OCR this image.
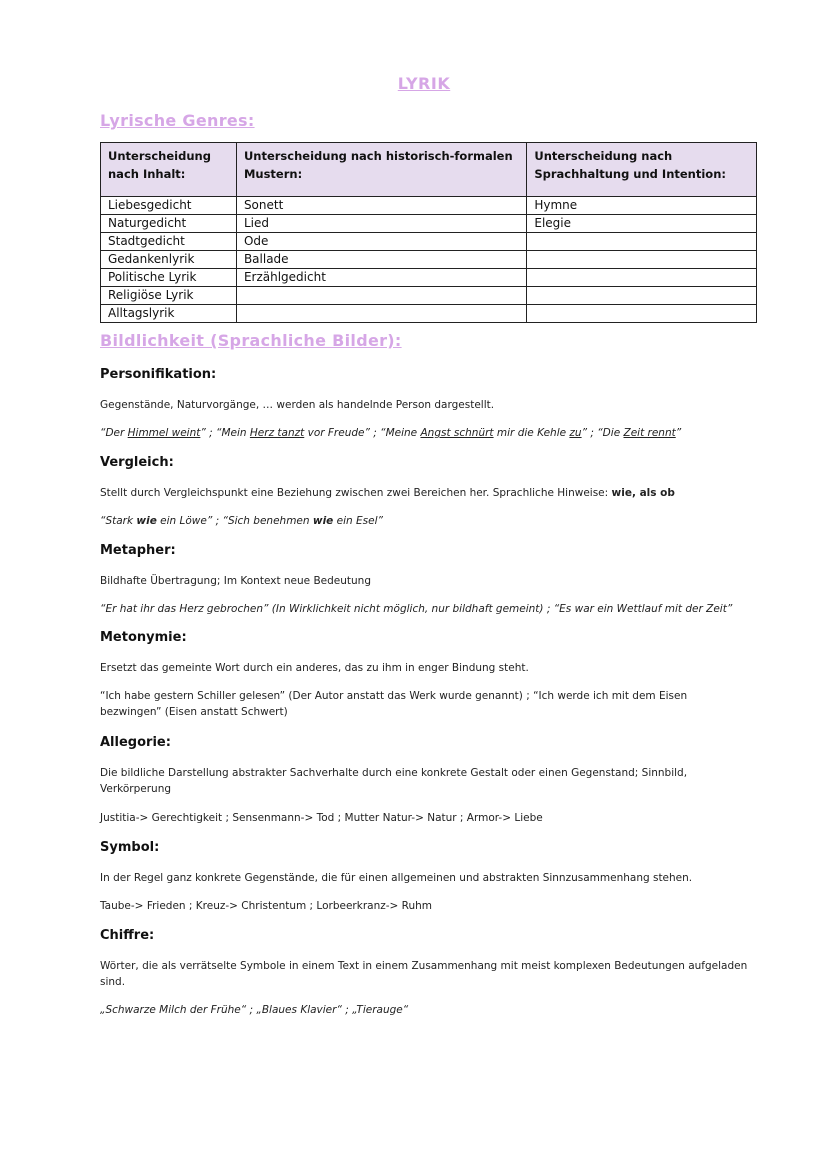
LYRIK
Lyrische Genres:
Unterscheidung nach Inhalt:	Unterscheidung nach historisch-formalen Mustern:	Unterscheidung nach Sprachhaltung und Intention:
Liebesgedicht	Sonett	Hymne
Naturgedicht	Lied	Elegie
Stadtgedicht	Ode	
Gedankenlyrik	Ballade	
Politische Lyrik	Erzählgedicht	
Religiöse Lyrik		
Alltagslyrik		
Bildlichkeit (Sprachliche Bilder):
Personifikation:
Gegenstände, Naturvorgänge, … werden als handelnde Person dargestellt.
“Der Himmel weint” ; “Mein Herz tanzt vor Freude” ; “Meine Angst schnürt mir die Kehle zu” ; “Die Zeit rennt”
Vergleich:
Stellt durch Vergleichspunkt eine Beziehung zwischen zwei Bereichen her. Sprachliche Hinweise: wie, als ob
“Stark wie ein Löwe” ; “Sich benehmen wie ein Esel”
Metapher:
Bildhafte Übertragung; Im Kontext neue Bedeutung
“Er hat ihr das Herz gebrochen” (In Wirklichkeit nicht möglich, nur bildhaft gemeint) ; “Es war ein Wettlauf mit der Zeit”
Metonymie:
Ersetzt das gemeinte Wort durch ein anderes, das zu ihm in enger Bindung steht.
“Ich habe gestern Schiller gelesen” (Der Autor anstatt das Werk wurde genannt) ; “Ich werde ich mit dem Eisen bezwingen” (Eisen anstatt Schwert)
Allegorie:
Die bildliche Darstellung abstrakter Sachverhalte durch eine konkrete Gestalt oder einen Gegenstand; Sinnbild, Verkörperung
Justitia-> Gerechtigkeit ; Sensenmann-> Tod ; Mutter Natur-> Natur ; Armor-> Liebe
Symbol:
In der Regel ganz konkrete Gegenstände, die für einen allgemeinen und abstrakten Sinnzusammenhang stehen.
Taube-> Frieden ; Kreuz-> Christentum ; Lorbeerkranz-> Ruhm
Chiffre:
Wörter, die als verrätselte Symbole in einem Text in einem Zusammenhang mit meist komplexen Bedeutungen aufgeladen sind.
„Schwarze Milch der Frühe“ ; „Blaues Klavier“ ; „Tierauge“
